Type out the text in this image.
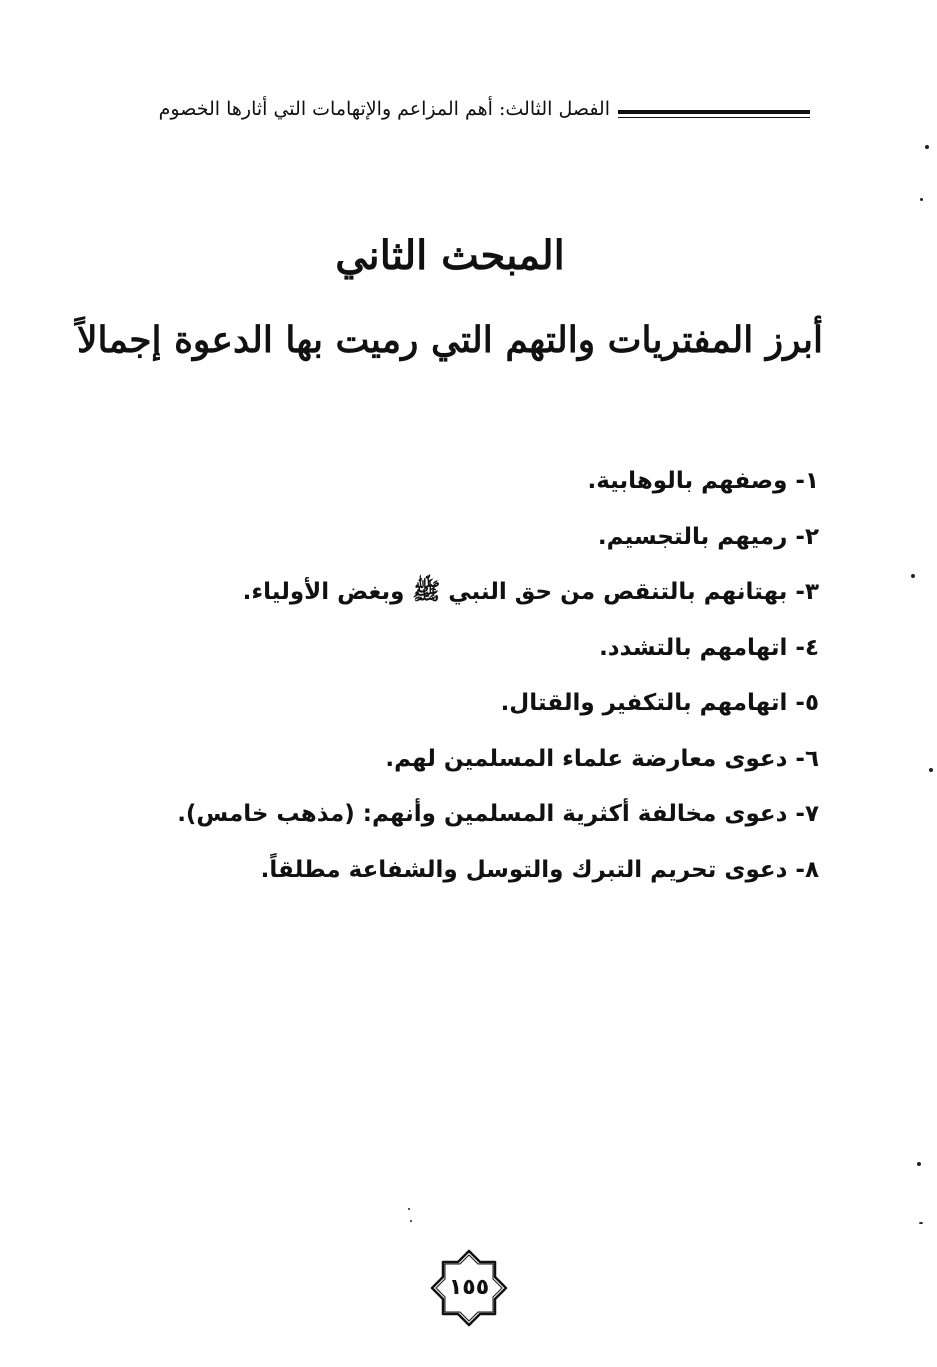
الفصل الثالث: أهم المزاعم والإتهامات التي أثارها الخصوم
المبحث الثاني
أبرز المفتريات والتهم التي رميت بها الدعوة إجمالاً
١- وصفهم بالوهابية.
٢- رميهم بالتجسيم.
٣- بهتانهم بالتنقص من حق النبي ﷺ وبغض الأولياء.
٤- اتهامهم بالتشدد.
٥- اتهامهم بالتكفير والقتال.
٦- دعوى معارضة علماء المسلمين لهم.
٧- دعوى مخالفة أكثرية المسلمين وأنهم: (مذهب خامس).
٨- دعوى تحريم التبرك والتوسل والشفاعة مطلقاً.
١٥٥
